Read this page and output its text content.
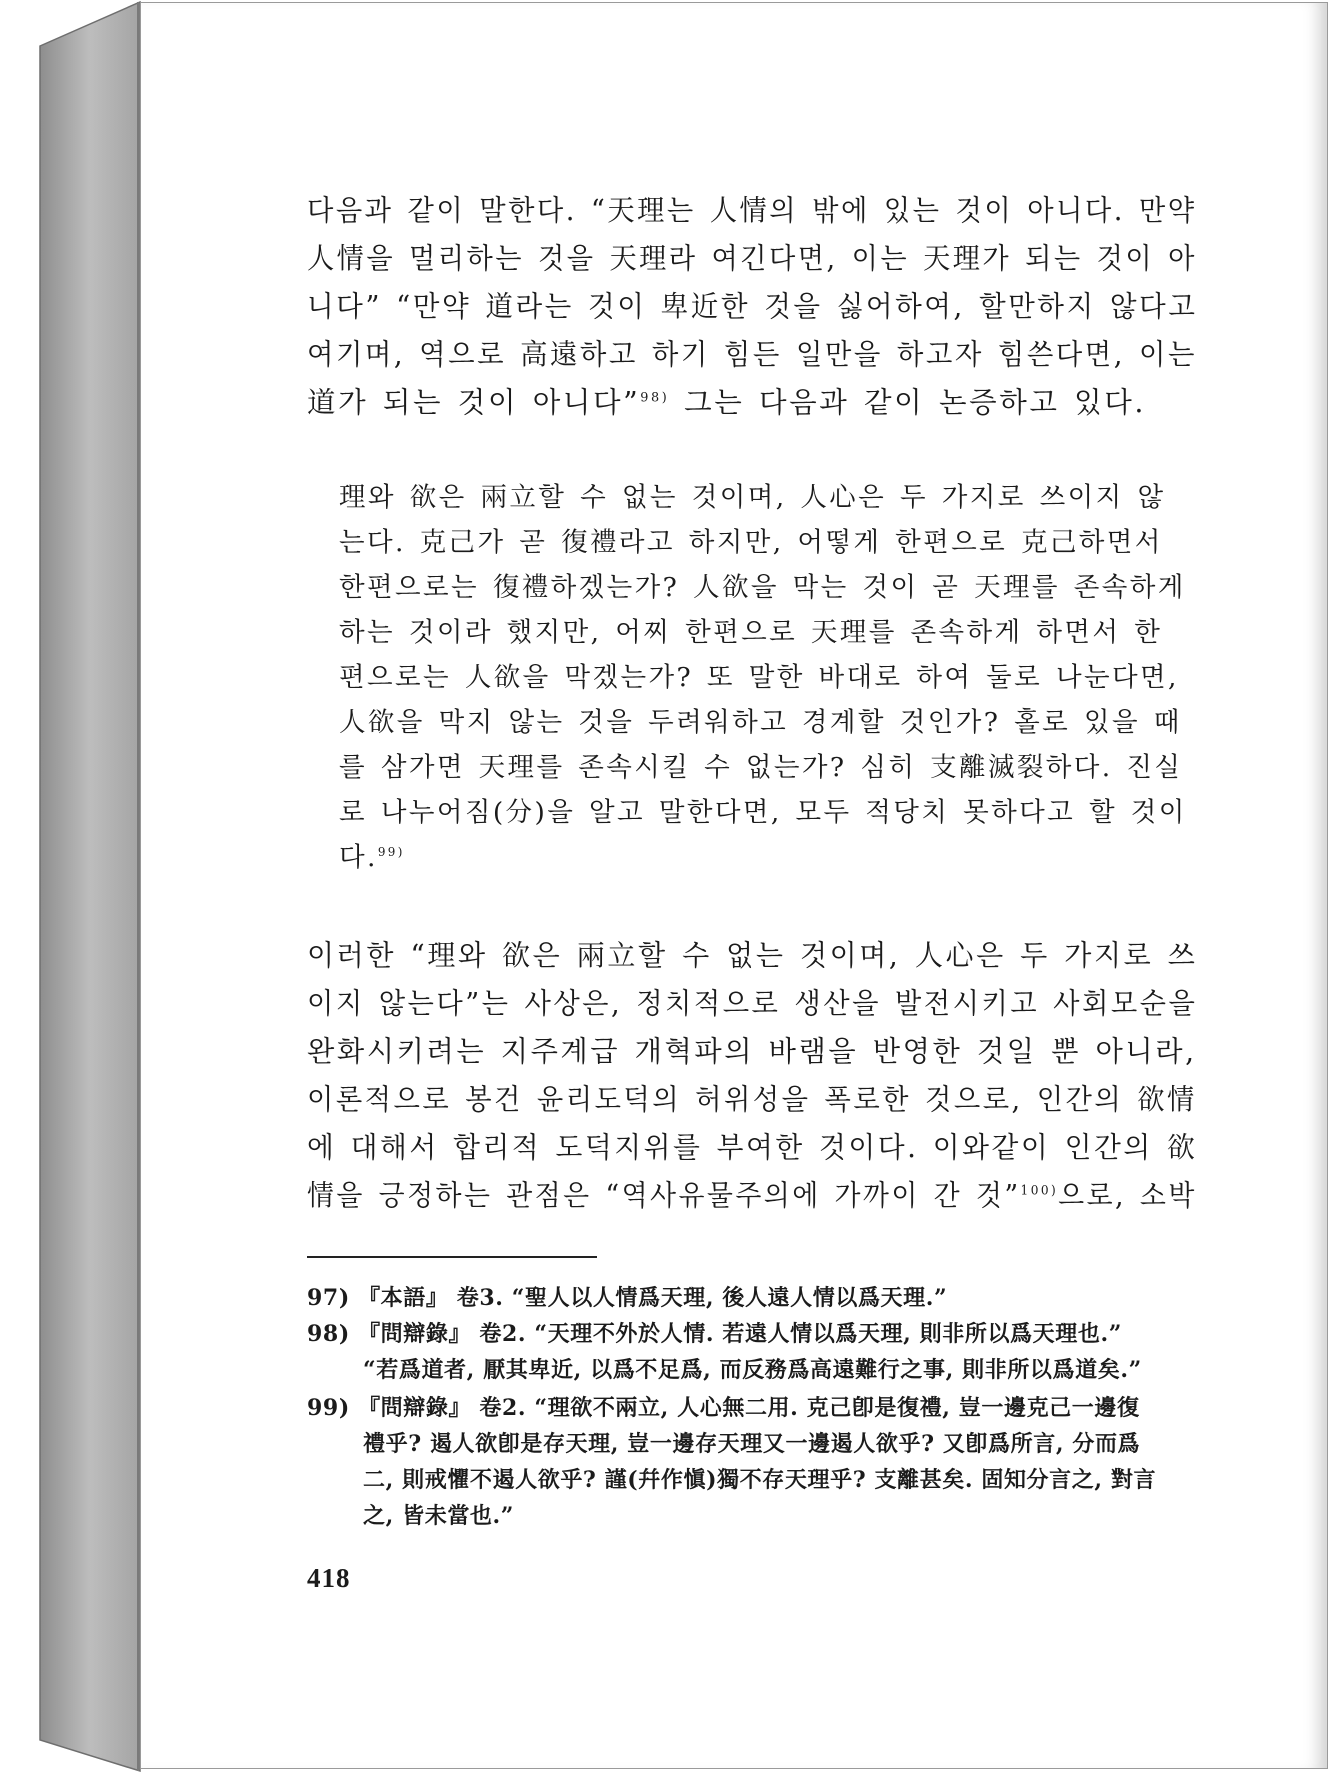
다음과 같이 말한다. “天理는 人情의 밖에 있는 것이 아니다. 만약
人情을 멀리하는 것을 天理라 여긴다면, 이는 天理가 되는 것이 아
니다” “만약 道라는 것이 卑近한 것을 싫어하여, 할만하지 않다고
여기며, 역으로 高遠하고 하기 힘든 일만을 하고자 힘쓴다면, 이는
道가 되는 것이 아니다”$^{98)}$ 그는 다음과 같이 논증하고 있다.
理와 欲은 兩立할 수 없는 것이며, 人心은 두 가지로 쓰이지 않
는다. 克己가 곧 復禮라고 하지만, 어떻게 한편으로 克己하면서
한편으로는 復禮하겠는가? 人欲을 막는 것이 곧 天理를 존속하게
하는 것이라 했지만, 어찌 한편으로 天理를 존속하게 하면서 한
편으로는 人欲을 막겠는가? 또 말한 바대로 하여 둘로 나눈다면,
人欲을 막지 않는 것을 두려워하고 경계할 것인가? 홀로 있을 때
를 삼가면 天理를 존속시킬 수 없는가? 심히 支離滅裂하다. 진실
로 나누어짐(分)을 알고 말한다면, 모두 적당치 못하다고 할 것이
다.$^{99)}$
이러한 “理와 欲은 兩立할 수 없는 것이며, 人心은 두 가지로 쓰
이지 않는다”는 사상은, 정치적으로 생산을 발전시키고 사회모순을
완화시키려는 지주계급 개혁파의 바램을 반영한 것일 뿐 아니라,
이론적으로 봉건 윤리도덕의 허위성을 폭로한 것으로, 인간의 欲情
에 대해서 합리적 도덕지위를 부여한 것이다. 이와같이 인간의 欲
情을 긍정하는 관점은 “역사유물주의에 가까이 간 것”$^{100)}$으로, 소박
97) 『本語』 卷3. “聖人以人情爲天理, 後人遠人情以爲天理.”
98) 『問辯錄』 卷2. “天理不外於人情. 若遠人情以爲天理, 則非所以爲天理也.”
“若爲道者, 厭其卑近, 以爲不足爲, 而反務爲高遠難行之事, 則非所以爲道矣.”
99) 『問辯錄』 卷2. “理欲不兩立, 人心無二用. 克己卽是復禮, 豈一邊克己一邊復
禮乎? 遏人欲卽是存天理, 豈一邊存天理又一邊遏人欲乎? 又卽爲所言, 分而爲
二, 則戒懼不遏人欲乎? 謹(幷作愼)獨不存天理乎? 支離甚矣. 固知分言之, 對言
之, 皆未當也.”
418
